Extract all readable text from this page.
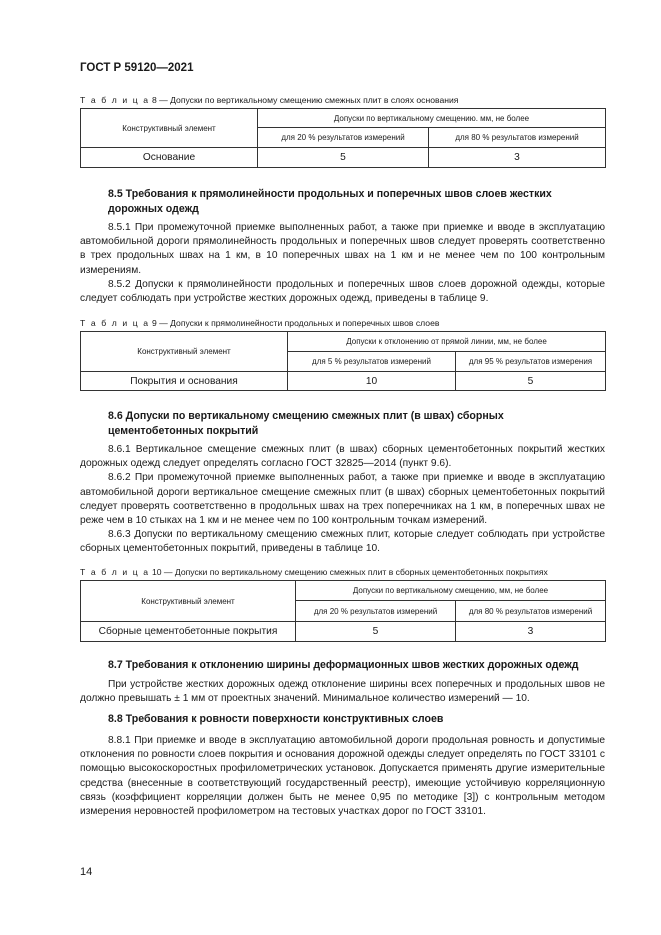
ГОСТ Р 59120—2021
Т а б л и ц а 8 — Допуски по вертикальному смещению смежных плит в слоях основания
Конструктивный элемент	Допуски по вертикальному смещению. мм, не более	
	для 20 % результатов измерений	для 80 % результатов измерений
Основание	5	3
8.5 Требования к прямолинейности продольных и поперечных швов слоев жестких дорожных одежд

8.5.1 При промежуточной приемке выполненных работ, а также при приемке и вводе в эксплуатацию автомобильной дороги прямолинейность продольных и поперечных швов следует проверять соответственно в трех продольных швах на 1 км, в 10 поперечных швах на 1 км и не менее чем по 100 контрольным измерениям.

8.5.2 Допуски к прямолинейности продольных и поперечных швов слоев дорожной одежды, которые следует соблюдать при устройстве жестких дорожных одежд, приведены в таблице 9.

Т а б л и ц а 9 — Допуски к прямолинейности продольных и поперечных швов слоев
Конструктивный элемент	Допуски к отклонению от прямой линии, мм, не более	
	для 5 % результатов измерений	для 95 % результатов измерения
Покрытия и основания	10	5
8.6 Допуски по вертикальному смещению смежных плит (в швах) сборных цементобетонных покрытий

8.6.1 Вертикальное смещение смежных плит (в швах) сборных цементобетонных покрытий жестких дорожных одежд следует определять согласно ГОСТ 32825—2014 (пункт 9.6).

8.6.2 При промежуточной приемке выполненных работ, а также при приемке и вводе в эксплуатацию автомобильной дороги вертикальное смещение смежных плит (в швах) сборных цементобетонных покрытий следует проверять соответственно в продольных швах на трех поперечниках на 1 км, в поперечных швах не реже чем в 10 стыках на 1 км и не менее чем по 100 контрольным точкам измерений.

8.6.3 Допуски по вертикальному смещению смежных плит, которые следует соблюдать при устройстве сборных цементобетонных покрытий, приведены в таблице 10.

Т а б л и ц а 10 — Допуски по вертикальному смещению смежных плит в сборных цементобетонных покрытиях
Конструктивный элемент	Допуски по вертикальному смещению, мм, не более	
	для 20 % результатов измерений	для 80 % результатов измерений
Сборные цементобетонные покрытия	5	3
8.7 Требования к отклонению ширины деформационных швов жестких дорожных одежд

При устройстве жестких дорожных одежд отклонение ширины всех поперечных и продольных швов не должно превышать ± 1 мм от проектных значений. Минимальное количество измерений — 10.

8.8 Требования к ровности поверхности конструктивных слоев

8.8.1 При приемке и вводе в эксплуатацию автомобильной дороги продольная ровность и допустимые отклонения по ровности слоев покрытия и основания дорожной одежды следует определять по ГОСТ 33101 с помощью высокоскоростных профилометрических установок. Допускается применять другие измерительные средства (внесенные в соответствующий государственный реестр), имеющие устойчивую корреляционную связь (коэффициент корреляции должен быть не менее 0,95 по методике [3]) с контрольным методом измерения неровностей профилометром на тестовых участках дорог по ГОСТ 33101.

14
